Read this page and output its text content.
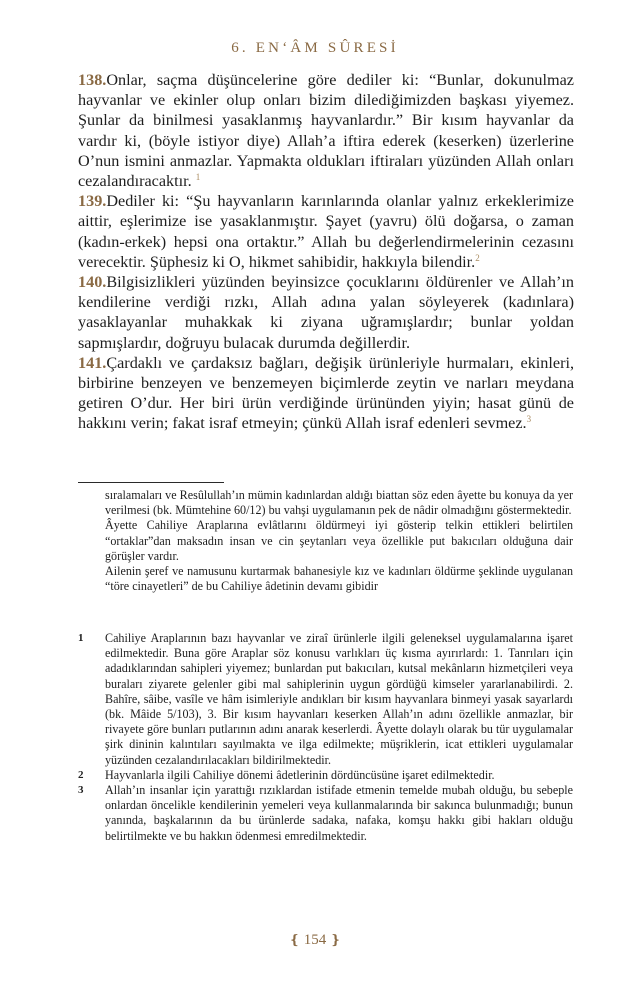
6. EN‘ÂM SÛRESİ

138.Onlar, saçma düşüncelerine göre dediler ki: “Bunlar, dokunulmaz hayvanlar ve ekinler olup onları bizim dilediğimizden başkası yiyemez. Şunlar da binilmesi yasaklanmış hayvanlardır.” Bir kısım hayvanlar da vardır ki, (böyle istiyor diye) Allah’a iftira ederek (keserken) üzerlerine O’nun ismini anmazlar. Yapmakta oldukları iftiraları yüzünden Allah onları cezalandıracaktır. $^1$

139.Dediler ki: “Şu hayvanların karınlarında olanlar yalnız erkeklerimize aittir, eşlerimize ise yasaklanmıştır. Şayet (yavru) ölü doğarsa, o zaman (kadın-erkek) hepsi ona ortaktır.” Allah bu değerlendirmelerinin cezasını verecektir. Şüphesiz ki O, hikmet sahibidir, hakkıyla bilendir.$^2$

140.Bilgisizlikleri yüzünden beyinsizce çocuklarını öldürenler ve Allah’ın kendilerine verdiği rızkı, Allah adına yalan söyleyerek (kadınlara) yasaklayanlar muhakkak ki ziyana uğramışlardır; bunlar yoldan sapmışlardır, doğruyu bulacak durumda değillerdir.

141.Çardaklı ve çardaksız bağları, değişik ürünleriyle hurmaları, ekinleri, birbirine benzeyen ve benzemeyen biçimlerde zeytin ve narları meydana getiren O’dur. Her biri ürün verdiğinde ürününden yiyin; hasat günü de hakkını verin; fakat israf etmeyin; çünkü Allah israf edenleri sevmez.$^3$

sıralamaları ve Resûlullah’ın mümin kadınlardan aldığı biattan söz eden âyette bu konuya da yer verilmesi (bk. Mümtehine 60/12) bu vahşi uygulamanın pek de nâdir olmadığını göstermektedir.

Âyette Cahiliye Araplarına evlâtlarını öldürmeyi iyi gösterip telkin ettikleri belirtilen “ortaklar”dan maksadın insan ve cin şeytanları veya özellikle put bakıcıları olduğuna dair görüşler vardır.

Ailenin şeref ve namusunu kurtarmak bahanesiyle kız ve kadınları öldürme şeklinde uygulanan “töre cinayetleri” de bu Cahiliye âdetinin devamı gibidir

1	Cahiliye Araplarının bazı hayvanlar ve ziraî ürünlerle ilgili geleneksel uygulamalarına işaret edilmektedir. Buna göre Araplar söz konusu varlıkları üç kısma ayırırlardı: 1. Tanrıları için adadıklarından sahipleri yiyemez; bunlardan put bakıcıları, kutsal mekânların hizmetçileri veya buraları ziyarete gelenler gibi mal sahiplerinin uygun gördüğü kimseler yararlanabilirdi. 2. Bahîre, sâibe, vasîle ve hâm isimleriyle andıkları bir kısım hayvanlara binmeyi yasak sayarlardı (bk. Mâide 5/103), 3. Bir kısım hayvanları keserken Allah’ın adını özellikle anmazlar, bir rivayete göre bunları putlarının adını anarak keserlerdi. Âyette dolaylı olarak bu tür uygulamalar şirk dininin kalıntıları sayılmakta ve ilga edilmekte; müşriklerin, icat ettikleri uygulamalar yüzünden cezalandırılacakları bildirilmektedir.
2	Hayvanlarla ilgili Cahiliye dönemi âdetlerinin dördüncüsüne işaret edilmektedir.
3	Allah’ın insanlar için yarattığı rızıklardan istifade etmenin temelde mubah olduğu, bu sebeple onlardan öncelikle kendilerinin yemeleri veya kullanmalarında bir sakınca bulunmadığı; bunun yanında, başkalarının da bu ürünlerde sadaka, nafaka, komşu hakkı gibi hakları olduğu belirtilmekte ve bu hakkın ödenmesi emredilmektedir.
❴ 154 ❵
